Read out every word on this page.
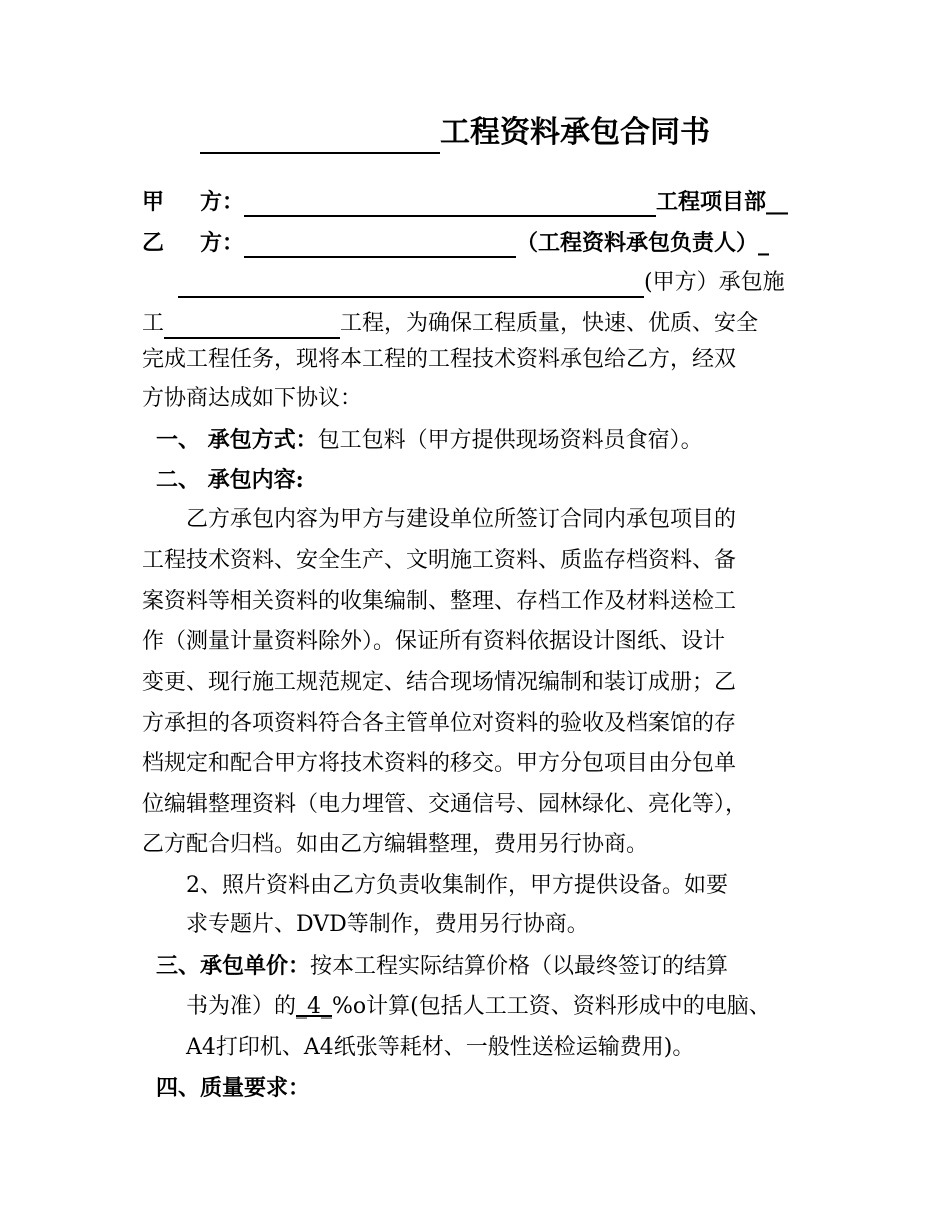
工程资料承包合同书
甲 方：	工程项目部__
乙 方：	（工程资料承包负责人）_
(甲方）承包施
工	工程，为确保工程质量，快速、优质、安全
完成工程任务，现将本工程的工程技术资料承包给乙方，经双
方协商达成如下协议：
一、 承包方式：包工包料（甲方提供现场资料员食宿）。
二、 承包内容:
乙方承包内容为甲方与建设单位所签订合同内承包项目的
工程技术资料、安全生产、文明施工资料、质监存档资料、备
案资料等相关资料的收集编制、整理、存档工作及材料送检工
作（测量计量资料除外）。保证所有资料依据设计图纸、设计
变更、现行施工规范规定、结合现场情况编制和装订成册；乙
方承担的各项资料符合各主管单位对资料的验收及档案馆的存
档规定和配合甲方将技术资料的移交。甲方分包项目由分包单
位编辑整理资料（电力埋管、交通信号、园林绿化、亮化等），
乙方配合归档。如由乙方编辑整理，费用另行协商。
2、照片资料由乙方负责收集制作，甲方提供设备。如要
求专题片、DVD等制作，费用另行协商。
三、承包单价：按本工程实际结算价格（以最终签订的结算
书为准）的_4_%o计算(包括人工工资、资料形成中的电脑、
A4打印机、A4纸张等耗材、一般性送检运输费用)。
四、质量要求：
